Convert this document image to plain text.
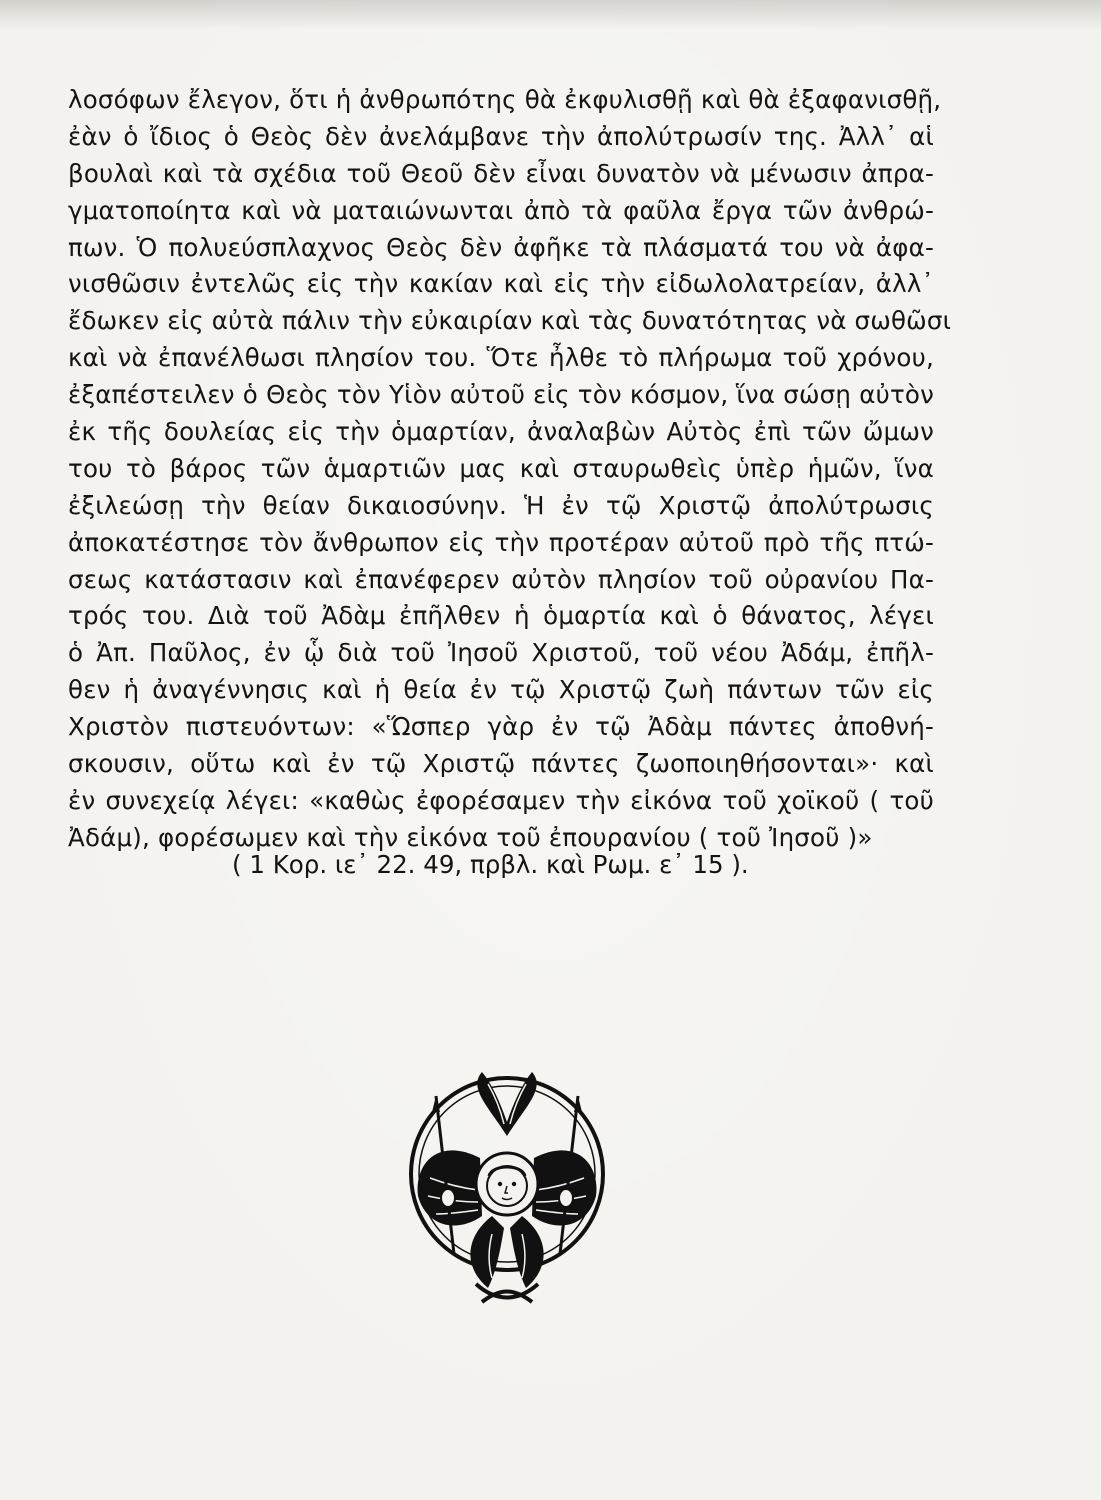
λοσόφων ἔλεγον, ὅτι ἡ ἀνθρωπότης θὰ ἐκφυλισθῇ καὶ θὰ ἐξαφανισθῇ,
ἐὰν ὁ ἴδιος ὁ Θεὸς δὲν ἀνελάμβανε τὴν ἀπολύτρωσίν της. Ἀλλ᾽ αἱ
βουλαὶ καὶ τὰ σχέδια τοῦ Θεοῦ δὲν εἶναι δυνατὸν νὰ μένωσιν ἀπρα-
γματοποίητα καὶ νὰ ματαιώνωνται ἀπὸ τὰ φαῦλα ἔργα τῶν ἀνθρώ-
πων. Ὁ πολυεύσπλαχνος Θεὸς δὲν ἀφῆκε τὰ πλάσματά του νὰ ἀφα-
νισθῶσιν ἐντελῶς εἰς τὴν κακίαν καὶ εἰς τὴν εἰδωλολατρείαν, ἀλλ᾽
ἔδωκεν εἰς αὐτὰ πάλιν τὴν εὐκαιρίαν καὶ τὰς δυνατότητας νὰ σωθῶσι
καὶ νὰ ἐπανέλθωσι πλησίον του. Ὅτε ἦλθε τὸ πλήρωμα τοῦ χρόνου,
ἐξαπέστειλεν ὁ Θεὸς τὸν Υἱὸν αὐτοῦ εἰς τὸν κόσμον, ἵνα σώσῃ αὐτὸν
ἐκ τῆς δουλείας εἰς τὴν ὁμαρτίαν, ἀναλαβὼν Αὐτὸς ἐπὶ τῶν ὤμων
του τὸ βάρος τῶν ἁμαρτιῶν μας καὶ σταυρωθεὶς ὑπὲρ ἡμῶν, ἵνα
ἐξιλεώσῃ τὴν θείαν δικαιοσύνην. Ἡ ἐν τῷ Χριστῷ ἀπολύτρωσις
ἀποκατέστησε τὸν ἄνθρωπον εἰς τὴν προτέραν αὐτοῦ πρὸ τῆς πτώ-
σεως κατάστασιν καὶ ἐπανέφερεν αὐτὸν πλησίον τοῦ οὐρανίου Πα-
τρός του. Διὰ τοῦ Ἀδὰμ ἐπῆλθεν ἡ ὁμαρτία καὶ ὁ θάνατος, λέγει
ὁ Ἀπ. Παῦλος, ἐν ᾧ διὰ τοῦ Ἰησοῦ Χριστοῦ, τοῦ νέου Ἀδάμ, ἐπῆλ-
θεν ἡ ἀναγέννησις καὶ ἡ θεία ἐν τῷ Χριστῷ ζωὴ πάντων τῶν εἰς
Χριστὸν πιστευόντων: «Ὥσπερ γὰρ ἐν τῷ Ἀδὰμ πάντες ἀποθνή-
σκουσιν, οὕτω καὶ ἐν τῷ Χριστῷ πάντες ζωοποιηθήσονται»· καὶ
ἐν συνεχείᾳ λέγει: «καθὼς ἐφορέσαμεν τὴν εἰκόνα τοῦ χοϊκοῦ ( τοῦ
Ἀδάμ), φορέσωμεν καὶ τὴν εἰκόνα τοῦ ἐπουρανίου ( τοῦ Ἰησοῦ )»
( 1 Κορ. ιε᾽ 22. 49, πρβλ. καὶ Ρωμ. ε᾽ 15 ).
